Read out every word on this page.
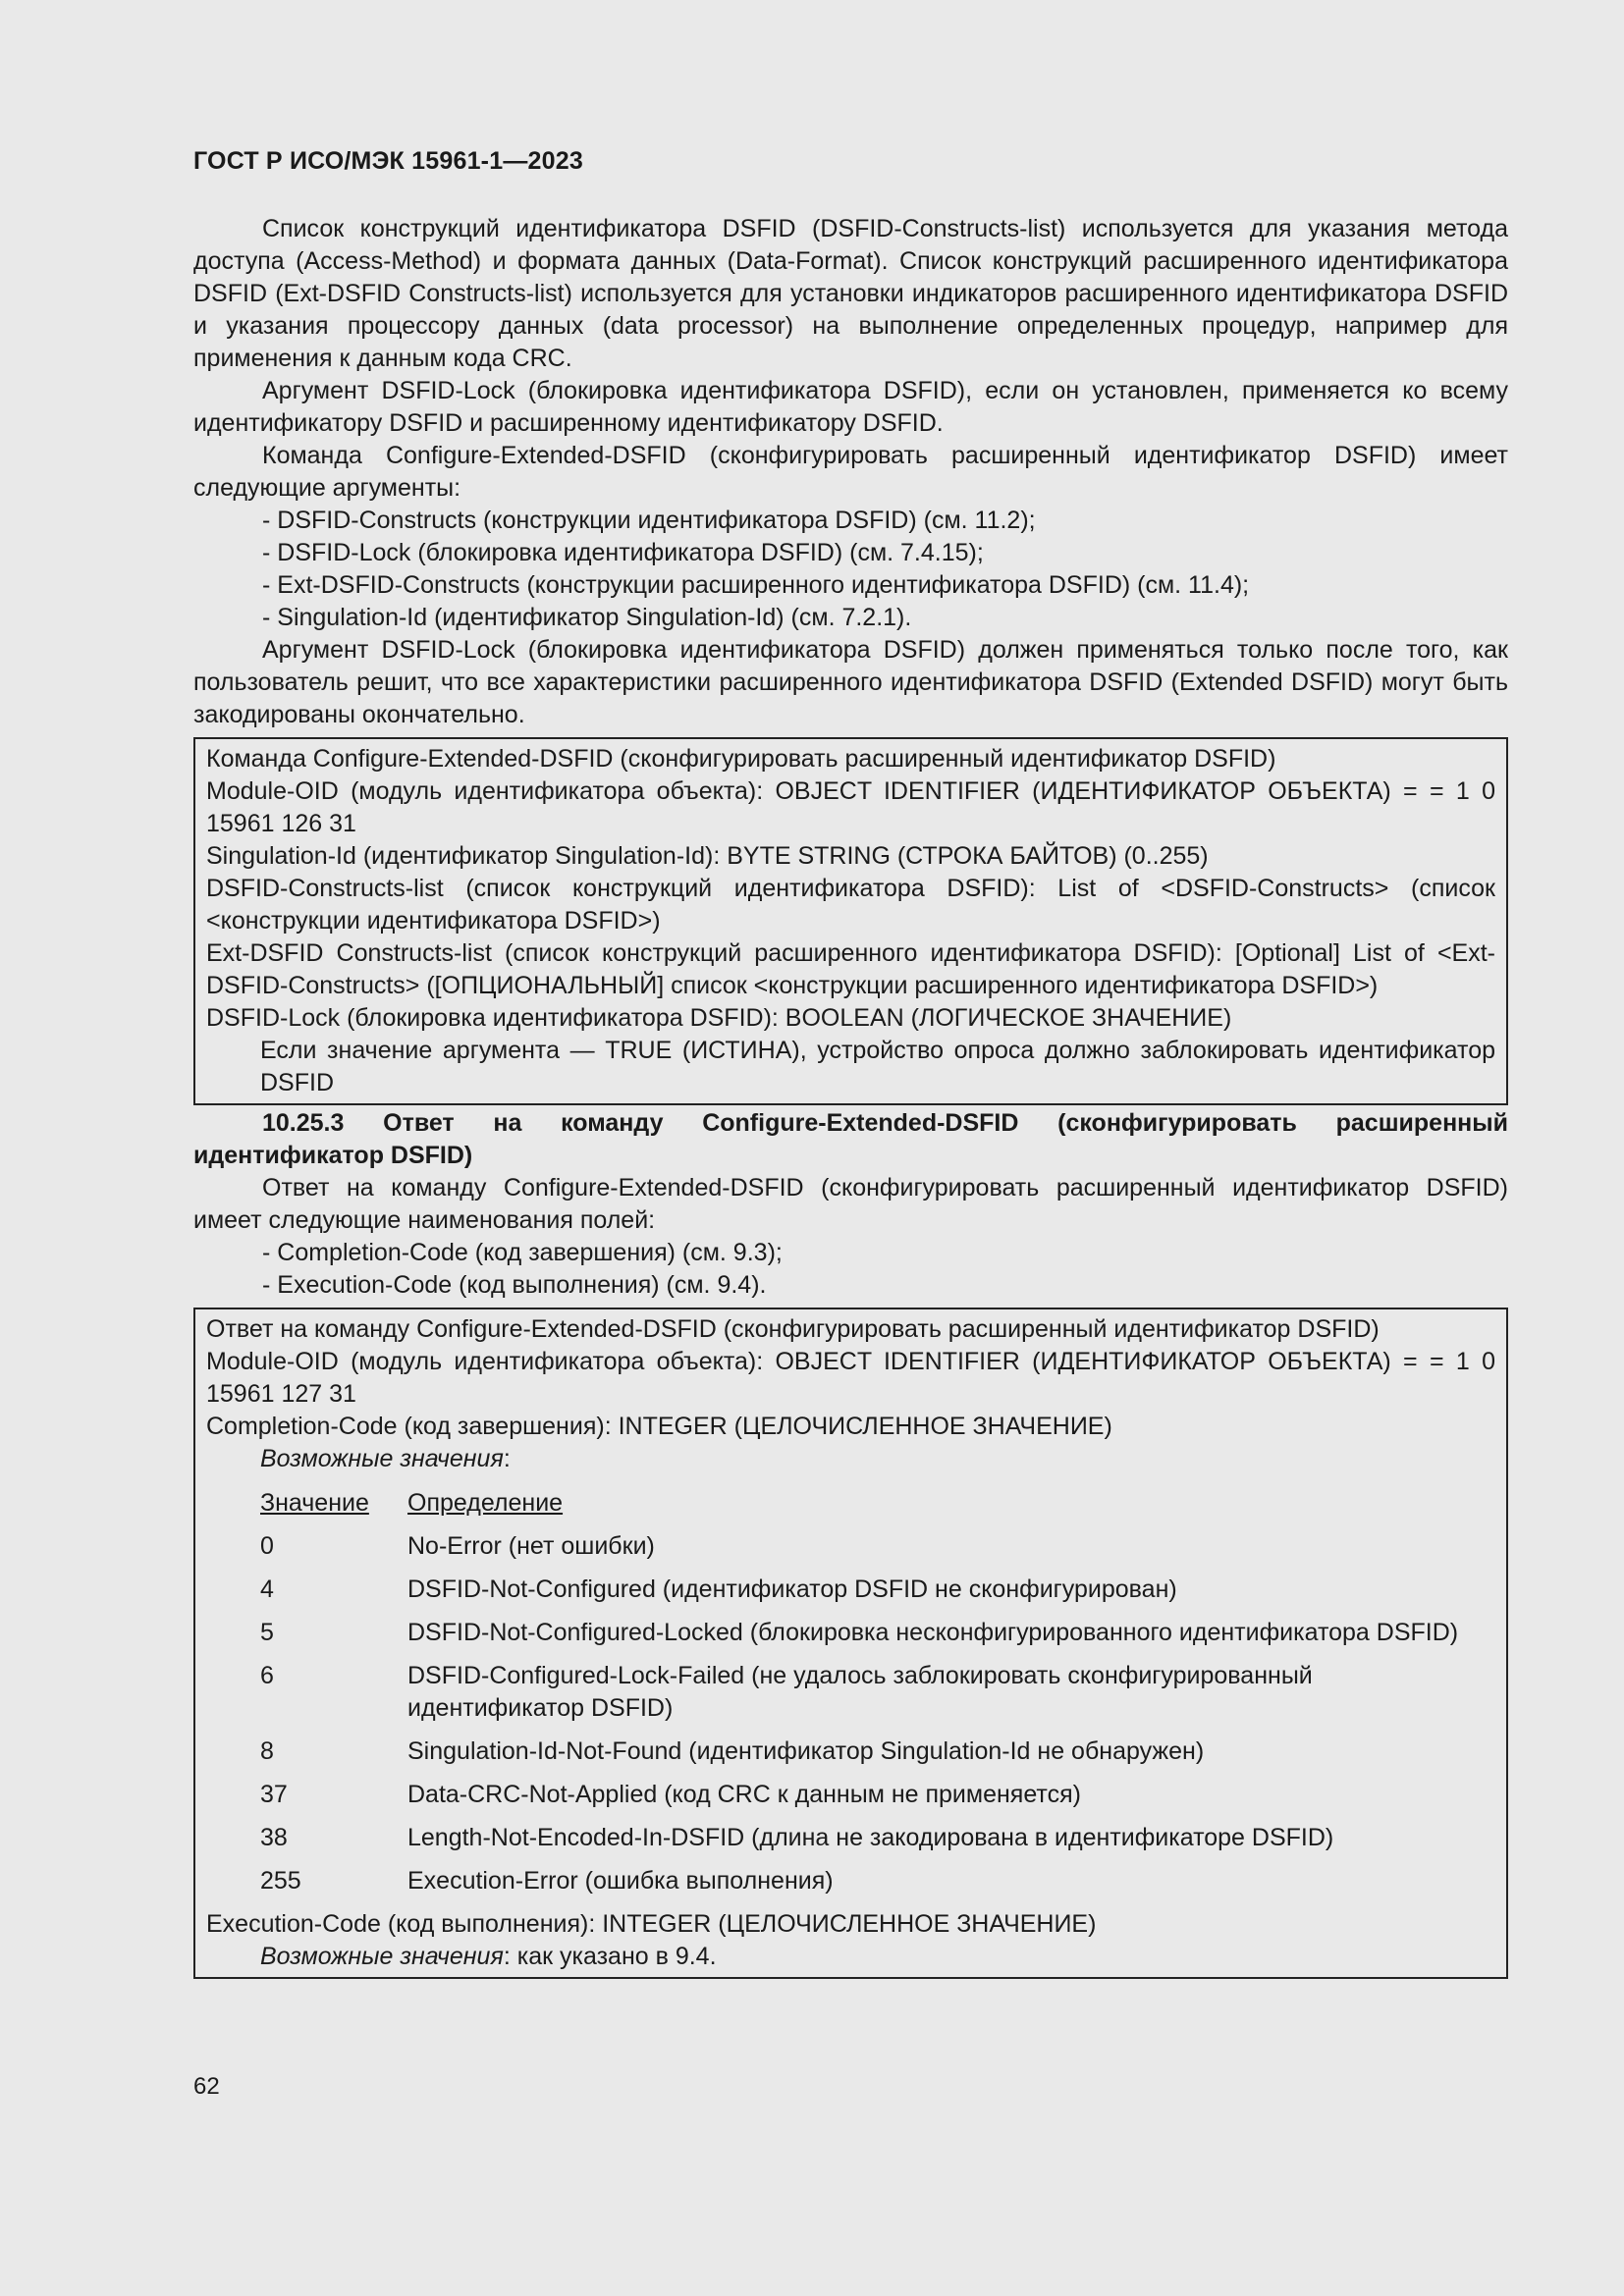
ГОСТ Р ИСО/МЭК 15961-1—2023

Список конструкций идентификатора DSFID (DSFID-Constructs-list) используется для указания метода доступа (Access-Method) и формата данных (Data-Format). Список конструкций расширенного идентификатора DSFID (Ext-DSFID Constructs-list) используется для установки индикаторов расширенного идентификатора DSFID и указания процессору данных (data processor) на выполнение определенных процедур, например для применения к данным кода CRC.

Аргумент DSFID-Lock (блокировка идентификатора DSFID), если он установлен, применяется ко всему идентификатору DSFID и расширенному идентификатору DSFID.

Команда Configure-Extended-DSFID (сконфигурировать расширенный идентификатор DSFID) имеет следующие аргументы:

- DSFID-Constructs (конструкции идентификатора DSFID) (см. 11.2);
- DSFID-Lock (блокировка идентификатора DSFID) (см. 7.4.15);
- Ext-DSFID-Constructs (конструкции расширенного идентификатора DSFID) (см. 11.4);
- Singulation-Id (идентификатор Singulation-Id) (см. 7.2.1).

Аргумент DSFID-Lock (блокировка идентификатора DSFID) должен применяться только после того, как пользователь решит, что все характеристики расширенного идентификатора DSFID (Extended DSFID) могут быть закодированы окончательно.

Команда Configure-Extended-DSFID (сконфигурировать расширенный идентификатор DSFID)

Module-OID (модуль идентификатора объекта): OBJECT IDENTIFIER (ИДЕНТИФИКАТОР ОБЪЕКТА) = = 1 0 15961 126 31

Singulation-Id (идентификатор Singulation-Id): BYTE STRING (СТРОКА БАЙТОВ) (0..255)

DSFID-Constructs-list (список конструкций идентификатора DSFID): List of <DSFID-Constructs> (список <конструкции идентификатора DSFID>)

Ext-DSFID Constructs-list (список конструкций расширенного идентификатора DSFID): [Optional] List of <Ext-DSFID-Constructs> ([ОПЦИОНАЛЬНЫЙ] список <конструкции расширенного идентификатора DSFID>)

DSFID-Lock (блокировка идентификатора DSFID): BOOLEAN (ЛОГИЧЕСКОЕ ЗНАЧЕНИЕ)

Если значение аргумента — TRUE (ИСТИНА), устройство опроса должно заблокировать идентификатор DSFID

10.25.3 Ответ на команду Configure-Extended-DSFID (сконфигурировать расширенный идентификатор DSFID)

Ответ на команду Configure-Extended-DSFID (сконфигурировать расширенный идентификатор DSFID) имеет следующие наименования полей:

- Completion-Code (код завершения) (см. 9.3);
- Execution-Code (код выполнения) (см. 9.4).

Ответ на команду Configure-Extended-DSFID (сконфигурировать расширенный идентификатор DSFID)

Module-OID (модуль идентификатора объекта): OBJECT IDENTIFIER (ИДЕНТИФИКАТОР ОБЪЕКТА) = = 1 0 15961 127 31

Completion-Code (код завершения): INTEGER (ЦЕЛОЧИСЛЕННОЕ ЗНАЧЕНИЕ)

Возможные значения:
Значение	Определение
0	No-Error (нет ошибки)
4	DSFID-Not-Configured (идентификатор DSFID не сконфигурирован)
5	DSFID-Not-Configured-Locked (блокировка несконфигурированного идентификатора DSFID)
6	DSFID-Configured-Lock-Failed (не удалось заблокировать сконфигурированный идентификатор DSFID)
8	Singulation-Id-Not-Found (идентификатор Singulation-Id не обнаружен)
37	Data-CRC-Not-Applied (код CRC к данным не применяется)
38	Length-Not-Encoded-In-DSFID (длина не закодирована в идентификаторе DSFID)
255	Execution-Error (ошибка выполнения)

Execution-Code (код выполнения): INTEGER (ЦЕЛОЧИСЛЕННОЕ ЗНАЧЕНИЕ)

Возможные значения: как указано в 9.4.
62
